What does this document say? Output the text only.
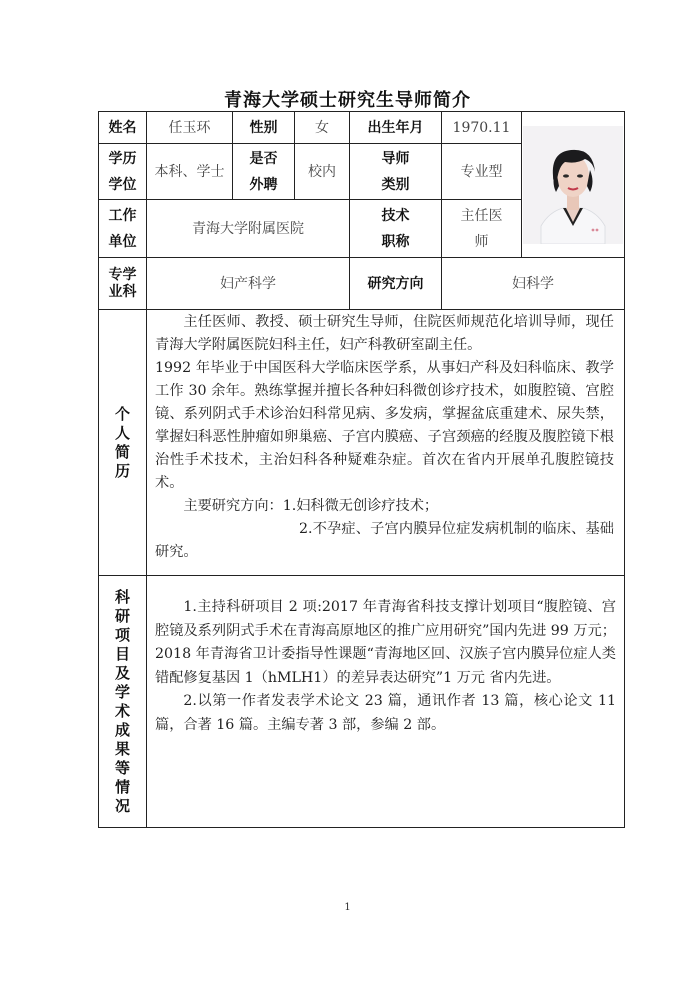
青海大学硕士研究生导师简介
姓名	任玉环	性别	女	出生年月	1970.11	

学历学位	本科、学士	是否外聘	校内	导师类别	专业型	

工作单位	青海大学附属医院			技术职称	主任医师	

专学业科	妇产科学			研究方向	妇科学	

个人简历	主任医师、教授、硕士研究生导师，住院医师规范化培训导师，现任青海大学附属医院妇科主任，妇产科教研室副主任。

1992 年毕业于中国医科大学临床医学系，从事妇产科及妇科临床、教学工作 30 余年。熟练掌握并擅长各种妇科微创诊疗技术，如腹腔镜、宫腔镜、系列阴式手术诊治妇科常见病、多发病，掌握盆底重建术、尿失禁，掌握妇科恶性肿瘤如卵巢癌、子宫内膜癌、子宫颈癌的经腹及腹腔镜下根治性手术技术，主治妇科各种疑难杂症。首次在省内开展单孔腹腔镜技术。

主要研究方向：1.妇科微无创诊疗技术；

2.不孕症、子宫内膜异位症发病机制的临床、基础研究。					

科研项目及学术成果等情况	1.主持科研项目 2 项:2017 年青海省科技支撑计划项目“腹腔镜、宫腔镜及系列阴式手术在青海高原地区的推广应用研究”国内先进 99 万元；2018 年青海省卫计委指导性课题“青海地区回、汉族子宫内膜异位症人类错配修复基因 1（hMLH1）的差异表达研究”1 万元 省内先进。

2.以第一作者发表学术论文 23 篇，通讯作者 13 篇，核心论文 11 篇，合著 16 篇。主编专著 3 部，参编 2 部。					

1
